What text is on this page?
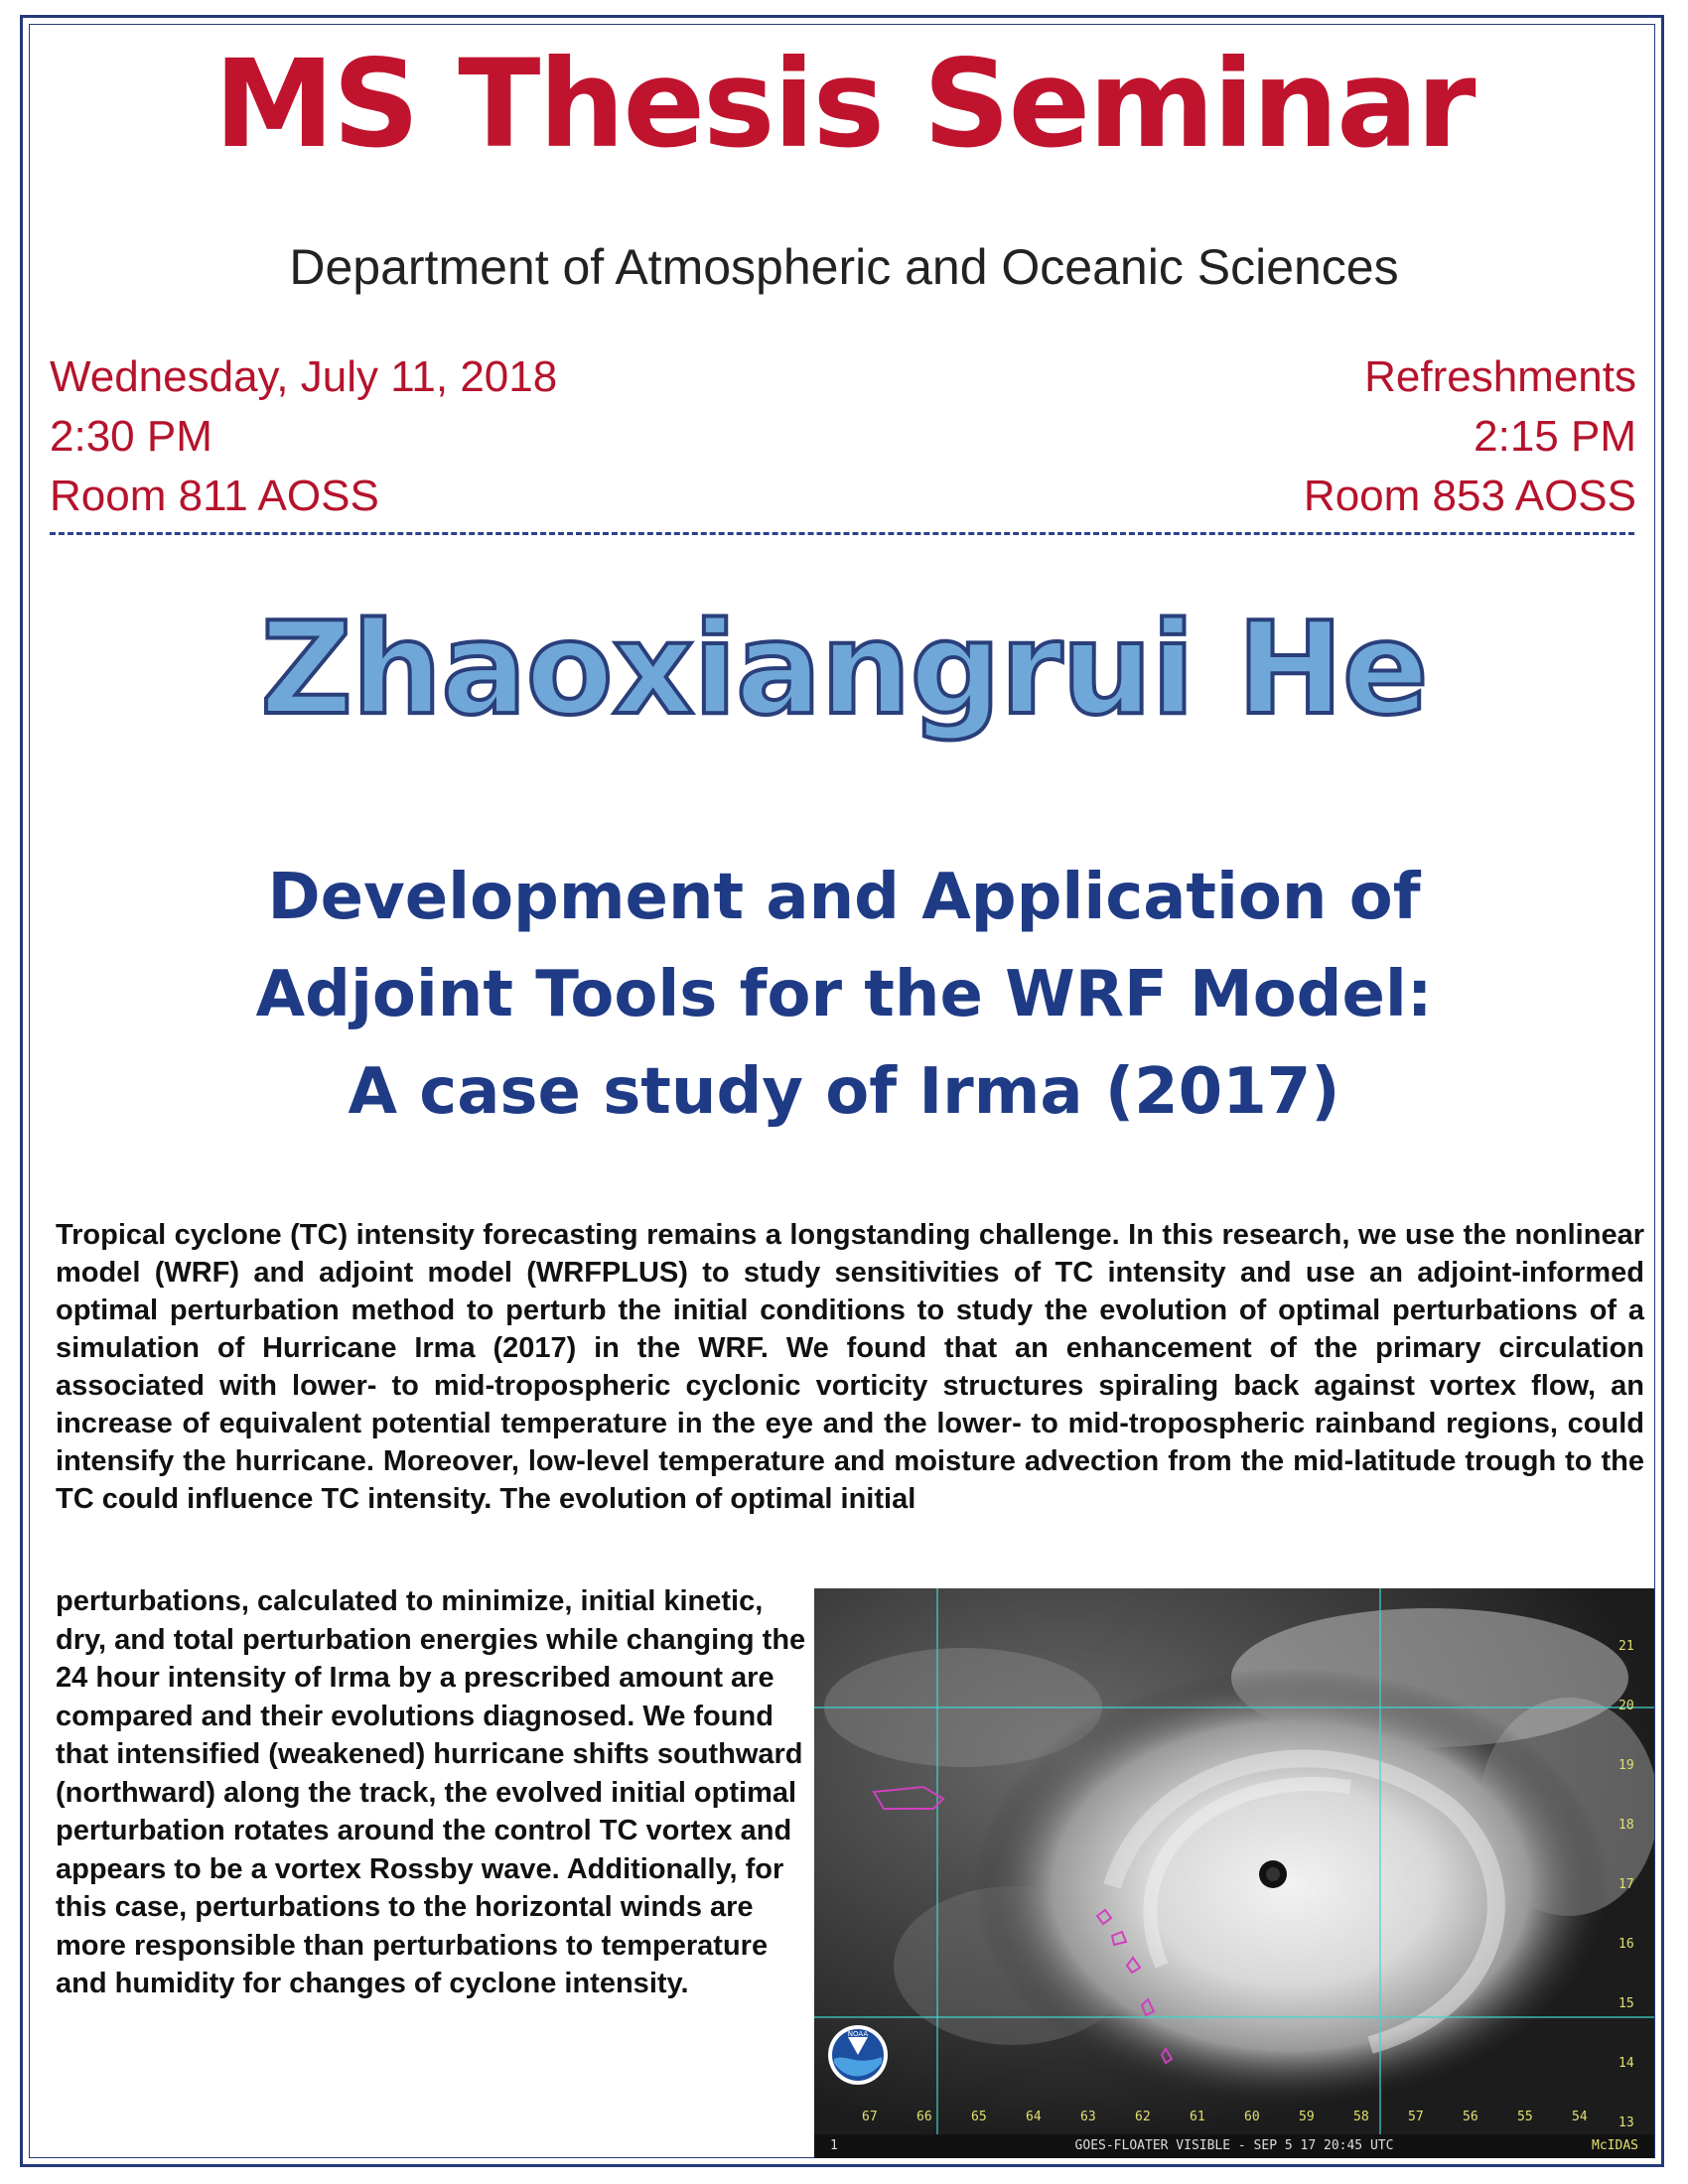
MS Thesis Seminar
Department of Atmospheric and Oceanic Sciences
Wednesday, July 11, 2018
2:30 PM
Room 811 AOSS
Refreshments
2:15 PM
Room 853 AOSS
Zhaoxiangrui He
Development and Application of
Adjoint Tools for the WRF Model:
A case study of Irma (2017)
Tropical cyclone (TC) intensity forecasting remains a longstanding challenge. In this research, we use the nonlinear model (WRF) and adjoint model (WRFPLUS) to study sensitivities of TC intensity and use an adjoint-informed optimal perturbation method to perturb the initial conditions to study the evolution of optimal perturbations of a simulation of Hurricane Irma (2017) in the WRF. We found that an enhancement of the primary circulation associated with lower- to mid-tropospheric cyclonic vorticity structures spiraling back against vortex flow, an increase of equivalent potential temperature in the eye and the lower- to mid-tropospheric rainband regions, could intensify the hurricane. Moreover, low-level temperature and moisture advection from the mid-latitude trough to the TC could influence TC intensity. The evolution of optimal initial
perturbations, calculated to minimize, initial kinetic, dry, and total perturbation energies while changing the 24 hour intensity of Irma by a prescribed amount are compared and their evolutions diagnosed. We found that intensified (weakened) hurricane shifts southward (northward) along the track, the evolved initial optimal perturbation rotates around the control TC vortex and appears to be a vortex Rossby wave. Additionally, for this case, perturbations to the horizontal winds are more responsible than perturbations to temperature and humidity for changes of cyclone intensity.
21
20
19
18
17
16
15
14
13
67	66	65	64	63	62	61	60	59	58	57	56	55	54
NOAA
1	GOES-FLOATER VISIBLE - SEP 5 17 20:45 UTC	McIDAS
